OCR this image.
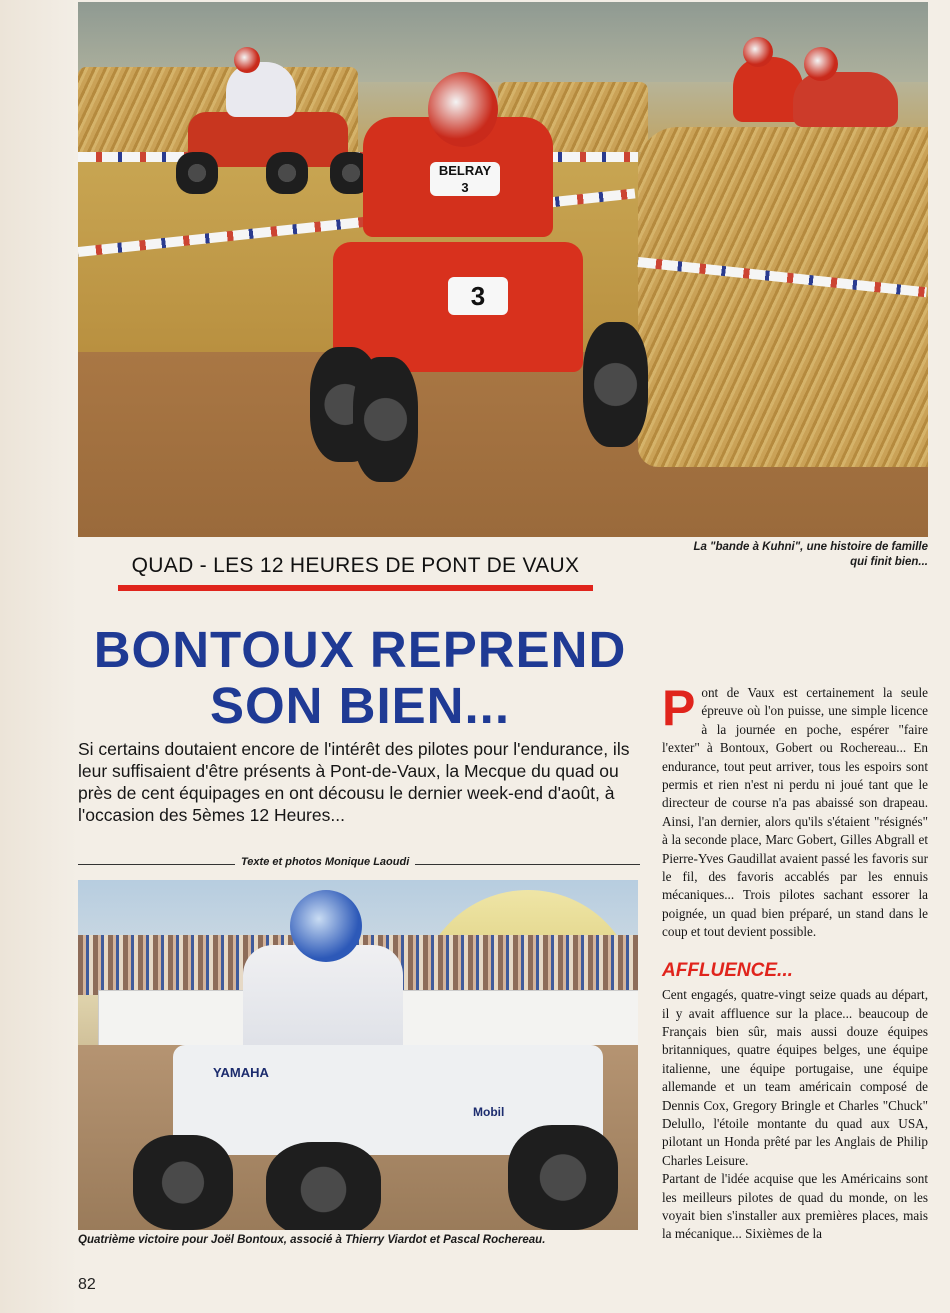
BELRAY
3
3
La "bande à Kuhni", une histoire de famille qui finit bien...
QUAD - LES 12 HEURES DE PONT DE VAUX
BONTOUX REPREND
SON BIEN...
Si certains doutaient encore de l'intérêt des pilotes pour l'endurance, ils leur suffisaient d'être présents à Pont-de-Vaux, la Mecque du quad ou près de cent équipages en ont décousu le dernier week-end d'août, à l'occasion des 5èmes 12 Heures...
Texte et photos Monique Laoudi
YAMAHA
Mobil
Quatrième victoire pour Joël Bontoux, associé à Thierry Viardot et Pascal Rochereau.
82

Pont de Vaux est certainement la seule épreuve où l'on puisse, une simple licence à la journée en poche, espérer "faire l'exter" à Bontoux, Gobert ou Rochereau... En endurance, tout peut arriver, tous les espoirs sont permis et rien n'est ni perdu ni joué tant que le directeur de course n'a pas abaissé son drapeau. Ainsi, l'an dernier, alors qu'ils s'étaient "résignés" à la seconde place, Marc Gobert, Gilles Abgrall et Pierre-Yves Gaudillat avaient passé les favoris sur le fil, des favoris accablés par les ennuis mécaniques... Trois pilotes sachant essorer la poignée, un quad bien préparé, un stand dans le coup et tout devient possible.

AFFLUENCE...

Cent engagés, quatre-vingt seize quads au départ, il y avait affluence sur la place... beaucoup de Français bien sûr, mais aussi douze équipes britanniques, quatre équipes belges, une équipe italienne, une équipe portugaise, une équipe allemande et un team américain composé de Dennis Cox, Gregory Bringle et Charles "Chuck" Delullo, l'étoile montante du quad aux USA, pilotant un Honda prêté par les Anglais de Philip Charles Leisure.

Partant de l'idée acquise que les Américains sont les meilleurs pilotes de quad du monde, on les voyait bien s'installer aux premières places, mais la mécanique... Sixièmes de la
